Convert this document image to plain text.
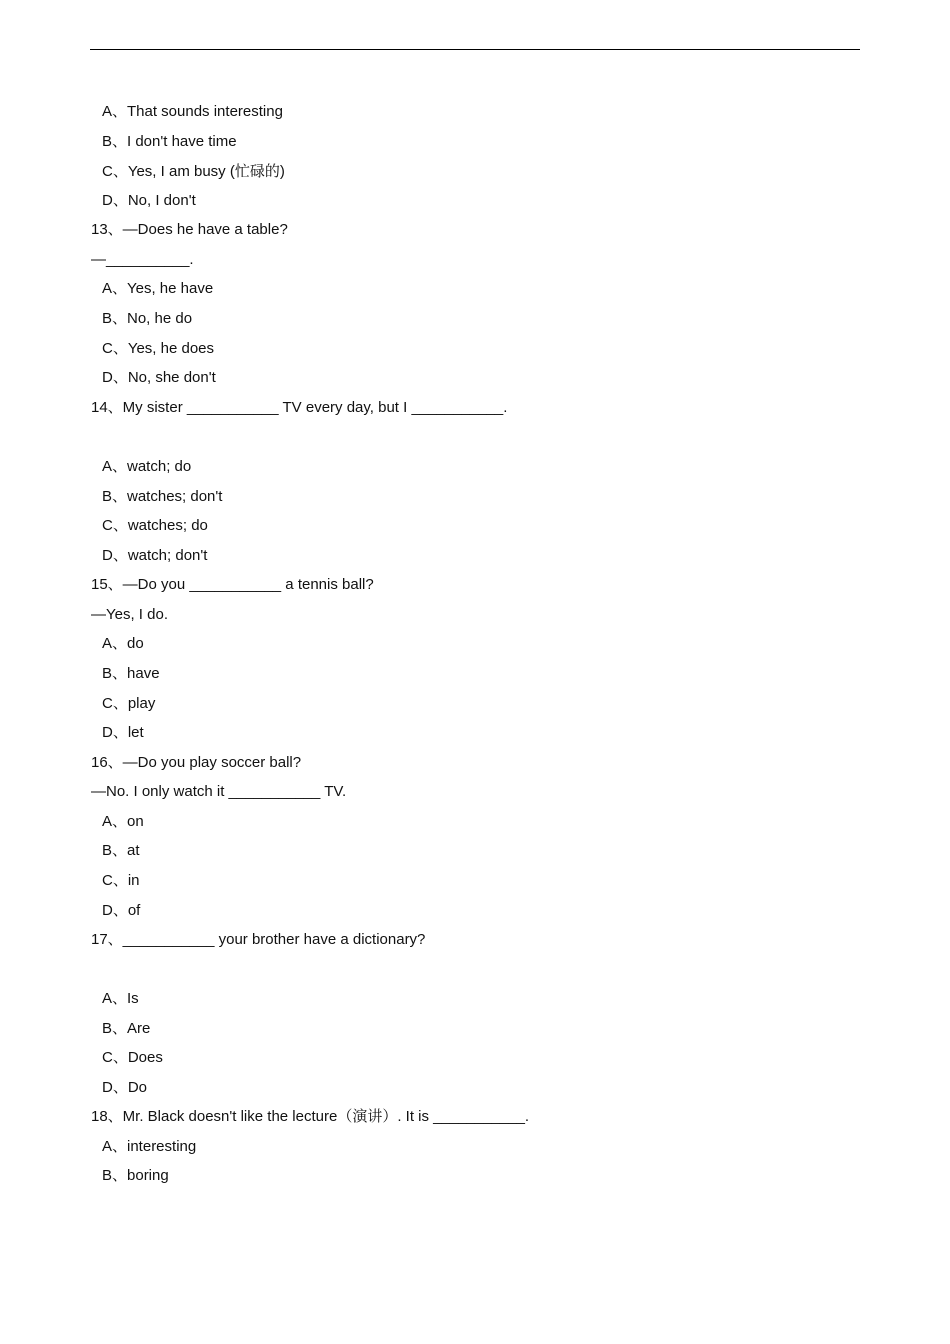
A、That sounds interesting
B、I don't have time
C、Yes, I am busy (忙碌的)
D、No, I don't
13、—Does he have a table?
—__________.
A、Yes, he have
B、No, he do
C、Yes, he does
D、No, she don't
14、My sister ___________ TV every day, but I ___________.
A、watch; do
B、watches; don't
C、watches; do
D、watch; don't
15、—Do you ___________ a tennis ball?
—Yes, I do.
A、do
B、have
C、play
D、let
16、—Do you play soccer ball?
—No. I only watch it ___________ TV.
A、on
B、at
C、in
D、of
17、___________ your brother have a dictionary?
A、Is
B、Are
C、Does
D、Do
18、Mr. Black doesn't like the lecture（演讲）. It is ___________.
A、interesting
B、boring
